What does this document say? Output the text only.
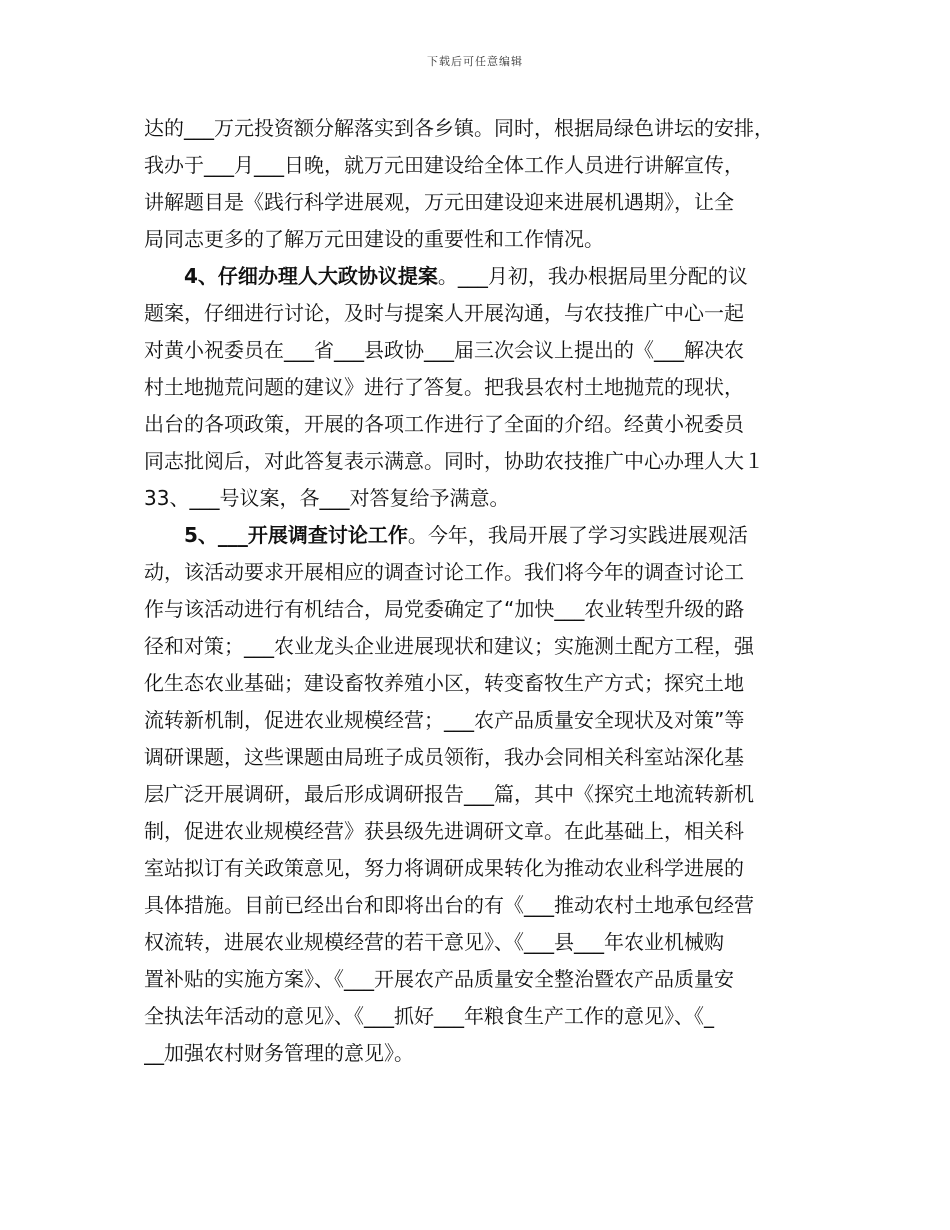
下载后可任意编辑
达的___万元投资额分解落实到各乡镇。同时，根据局绿色讲坛的安排，
我办于___月___日晚，就万元田建设给全体工作人员进行讲解宣传，
讲解题目是《践行科学进展观，万元田建设迎来进展机遇期》，让全
局同志更多的了解万元田建设的重要性和工作情况。
4、仔细办理人大政协议提案。___月初，我办根据局里分配的议
题案，仔细进行讨论，及时与提案人开展沟通，与农技推广中心一起
对黄小祝委员在___省___县政协___届三次会议上提出的《___解决农
村土地抛荒问题的建议》进行了答复。把我县农村土地抛荒的现状，
出台的各项政策，开展的各项工作进行了全面的介绍。经黄小祝委员
同志批阅后，对此答复表示满意。同时，协助农技推广中心办理人大１
33、___号议案，各___对答复给予满意。
5、___开展调查讨论工作。今年，我局开展了学习实践进展观活
动，该活动要求开展相应的调查讨论工作。我们将今年的调查讨论工
作与该活动进行有机结合，局党委确定了“加快___农业转型升级的路
径和对策；___农业龙头企业进展现状和建议；实施测土配方工程，强
化生态农业基础；建设畜牧养殖小区，转变畜牧生产方式；探究土地
流转新机制，促进农业规模经营；___农产品质量安全现状及对策”等
调研课题，这些课题由局班子成员领衔，我办会同相关科室站深化基
层广泛开展调研，最后形成调研报告___篇，其中《探究土地流转新机
制，促进农业规模经营》获县级先进调研文章。在此基础上，相关科
室站拟订有关政策意见，努力将调研成果转化为推动农业科学进展的
具体措施。目前已经出台和即将出台的有《___推动农村土地承包经营
权流转，进展农业规模经营的若干意见》、《___县___年农业机械购
置补贴的实施方案》、《___开展农产品质量安全整治暨农产品质量安
全执法年活动的意见》、《___抓好___年粮食生产工作的意见》、《_
__加强农村财务管理的意见》。
